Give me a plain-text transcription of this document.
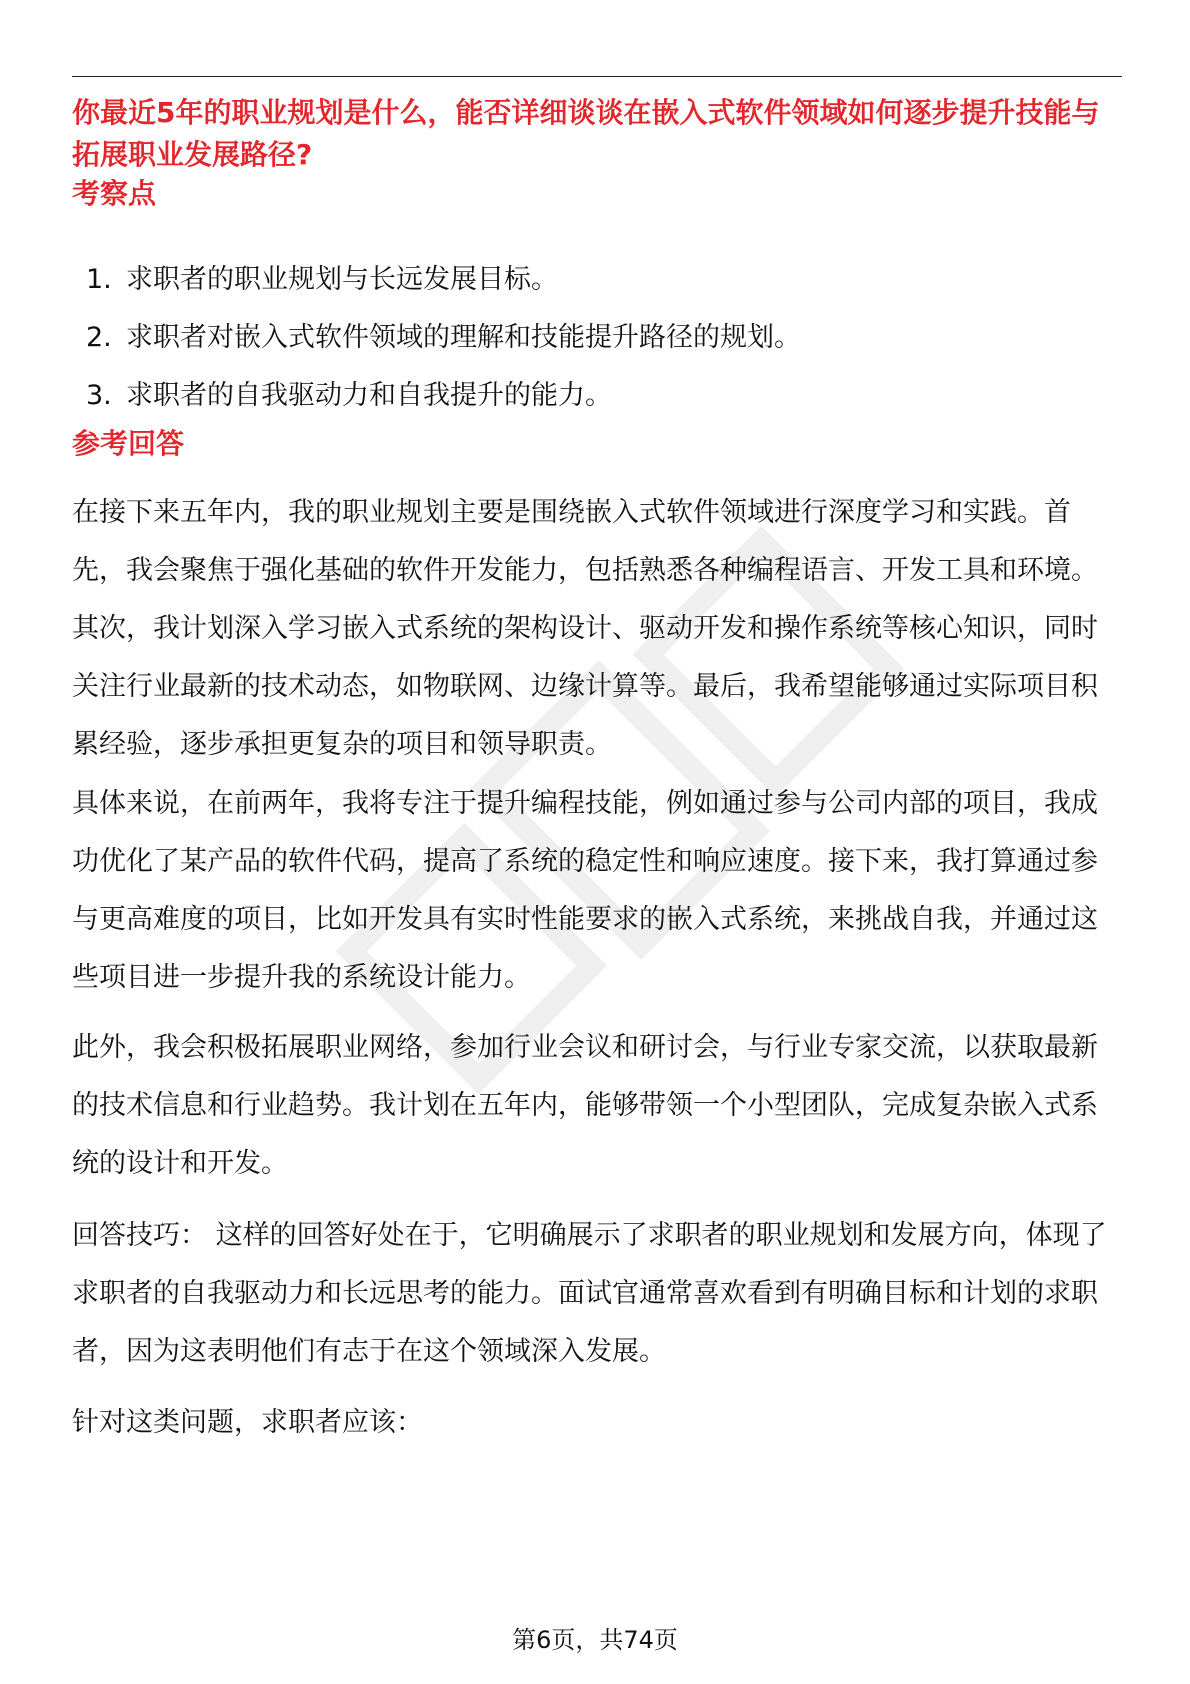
你最近5年的职业规划是什么，能否详细谈谈在嵌入式软件领域如何逐步提升技能与拓展职业发展路径?
考察点
1. 求职者的职业规划与长远发展目标。
2. 求职者对嵌入式软件领域的理解和技能提升路径的规划。
3. 求职者的自我驱动力和自我提升的能力。
参考回答

在接下来五年内，我的职业规划主要是围绕嵌入式软件领域进行深度学习和实践。首先，我会聚焦于强化基础的软件开发能力，包括熟悉各种编程语言、开发工具和环境。其次，我计划深入学习嵌入式系统的架构设计、驱动开发和操作系统等核心知识，同时关注行业最新的技术动态，如物联网、边缘计算等。最后，我希望能够通过实际项目积累经验，逐步承担更复杂的项目和领导职责。

具体来说，在前两年，我将专注于提升编程技能，例如通过参与公司内部的项目，我成功优化了某产品的软件代码，提高了系统的稳定性和响应速度。接下来，我打算通过参与更高难度的项目，比如开发具有实时性能要求的嵌入式系统，来挑战自我，并通过这些项目进一步提升我的系统设计能力。

此外，我会积极拓展职业网络，参加行业会议和研讨会，与行业专家交流，以获取最新的技术信息和行业趋势。我计划在五年内，能够带领一个小型团队，完成复杂嵌入式系统的设计和开发。

回答技巧： 这样的回答好处在于，它明确展示了求职者的职业规划和发展方向，体现了求职者的自我驱动力和长远思考的能力。面试官通常喜欢看到有明确目标和计划的求职者，因为这表明他们有志于在这个领域深入发展。

针对这类问题，求职者应该：

第6页，共74页
